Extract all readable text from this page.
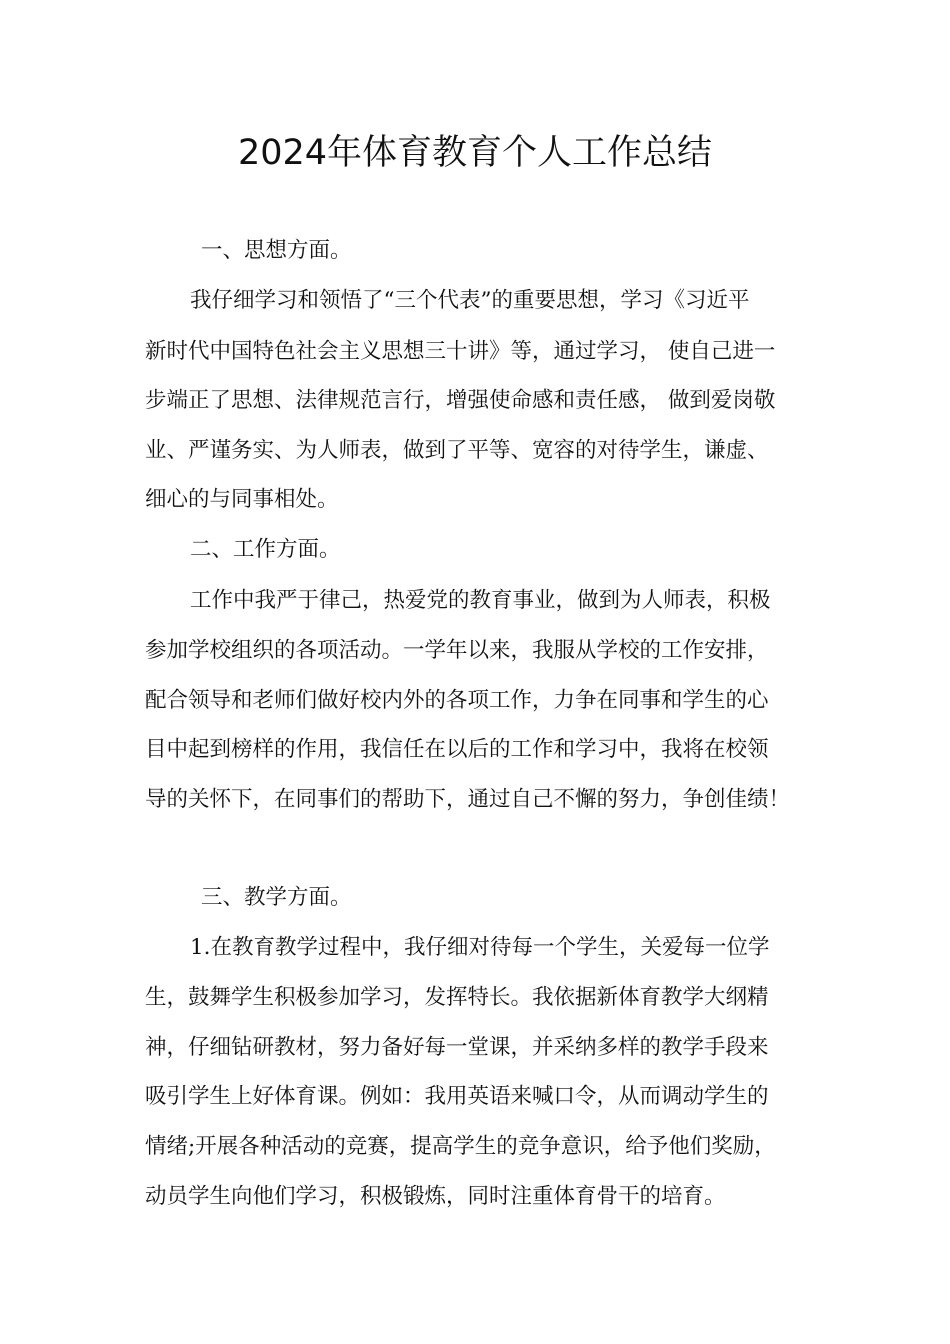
2024年体育教育个人工作总结

一、思想方面。

我仔细学习和领悟了“三个代表”的重要思想，学习《习近平

新时代中国特色社会主义思想三十讲》等，通过学习， 使自己进一

步端正了思想、法律规范言行，增强使命感和责任感， 做到爱岗敬

业、严谨务实、为人师表，做到了平等、宽容的对待学生，谦虚、

细心的与同事相处。

二、工作方面。

工作中我严于律己，热爱党的教育事业，做到为人师表，积极

参加学校组织的各项活动。一学年以来，我服从学校的工作安排，

配合领导和老师们做好校内外的各项工作，力争在同事和学生的心

目中起到榜样的作用，我信任在以后的工作和学习中，我将在校领

导的关怀下，在同事们的帮助下，通过自己不懈的努力，争创佳绩！

三、教学方面。

1.在教育教学过程中，我仔细对待每一个学生，关爱每一位学

生，鼓舞学生积极参加学习，发挥特长。我依据新体育教学大纲精

神，仔细钻研教材，努力备好每一堂课，并采纳多样的教学手段来

吸引学生上好体育课。例如：我用英语来喊口令，从而调动学生的

情绪;开展各种活动的竞赛，提高学生的竞争意识，给予他们奖励，

动员学生向他们学习，积极锻炼，同时注重体育骨干的培育。
